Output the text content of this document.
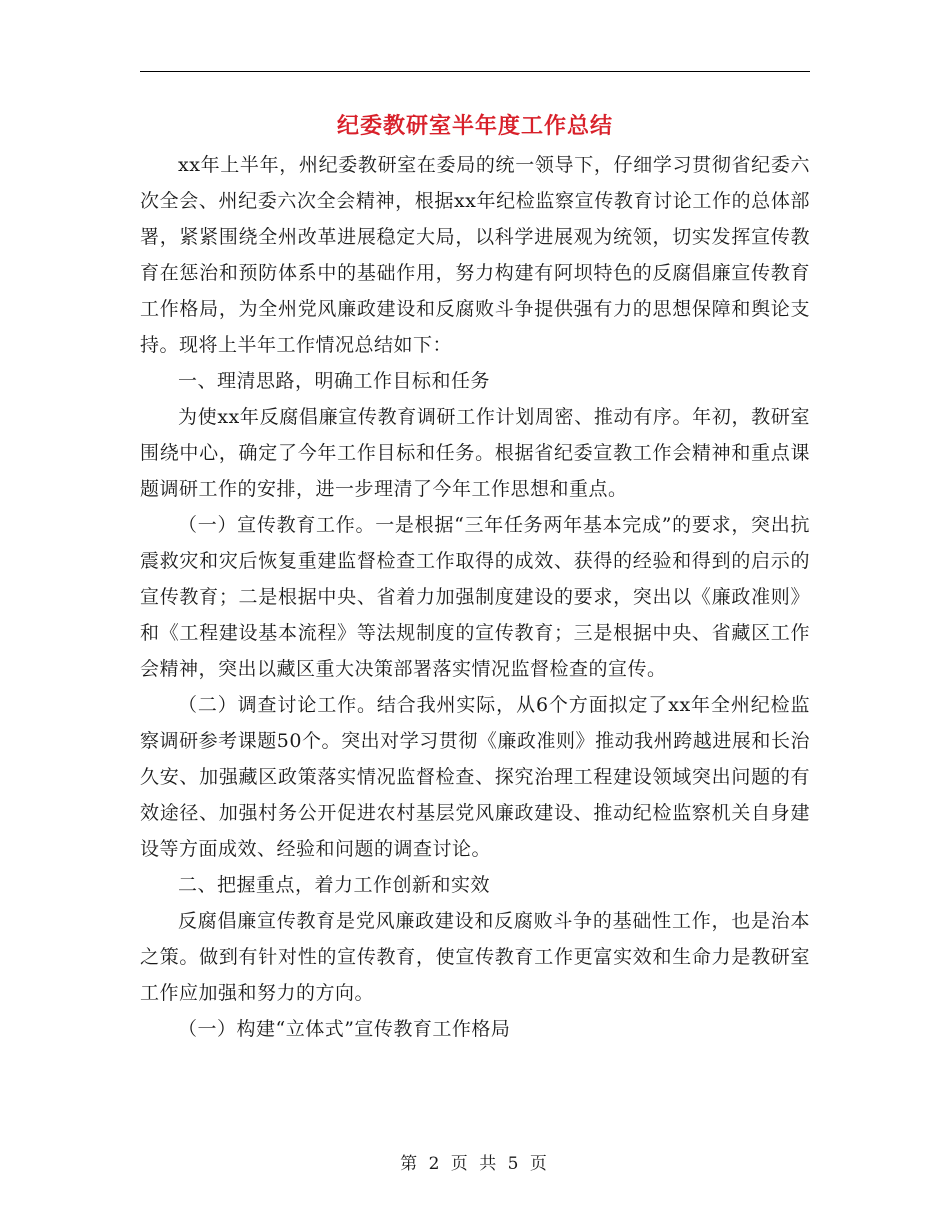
纪委教研室半年度工作总结

xx年上半年，州纪委教研室在委局的统一领导下，仔细学习贯彻省纪委六次全会、州纪委六次全会精神，根据xx年纪检监察宣传教育讨论工作的总体部署，紧紧围绕全州改革进展稳定大局，以科学进展观为统领，切实发挥宣传教育在惩治和预防体系中的基础作用，努力构建有阿坝特色的反腐倡廉宣传教育工作格局，为全州党风廉政建设和反腐败斗争提供强有力的思想保障和舆论支持。现将上半年工作情况总结如下：

一、理清思路，明确工作目标和任务

为使xx年反腐倡廉宣传教育调研工作计划周密、推动有序。年初，教研室围绕中心，确定了今年工作目标和任务。根据省纪委宣教工作会精神和重点课题调研工作的安排，进一步理清了今年工作思想和重点。

（一）宣传教育工作。一是根据“三年任务两年基本完成”的要求，突出抗震救灾和灾后恢复重建监督检查工作取得的成效、获得的经验和得到的启示的宣传教育；二是根据中央、省着力加强制度建设的要求，突出以《廉政准则》和《工程建设基本流程》等法规制度的宣传教育；三是根据中央、省藏区工作会精神，突出以藏区重大决策部署落实情况监督检查的宣传。

（二）调查讨论工作。结合我州实际，从6个方面拟定了xx年全州纪检监察调研参考课题50个。突出对学习贯彻《廉政准则》推动我州跨越进展和长治久安、加强藏区政策落实情况监督检查、探究治理工程建设领域突出问题的有效途径、加强村务公开促进农村基层党风廉政建设、推动纪检监察机关自身建设等方面成效、经验和问题的调查讨论。

二、把握重点，着力工作创新和实效

反腐倡廉宣传教育是党风廉政建设和反腐败斗争的基础性工作，也是治本之策。做到有针对性的宣传教育，使宣传教育工作更富实效和生命力是教研室工作应加强和努力的方向。

（一）构建“立体式”宣传教育工作格局

第 2 页 共 5 页
